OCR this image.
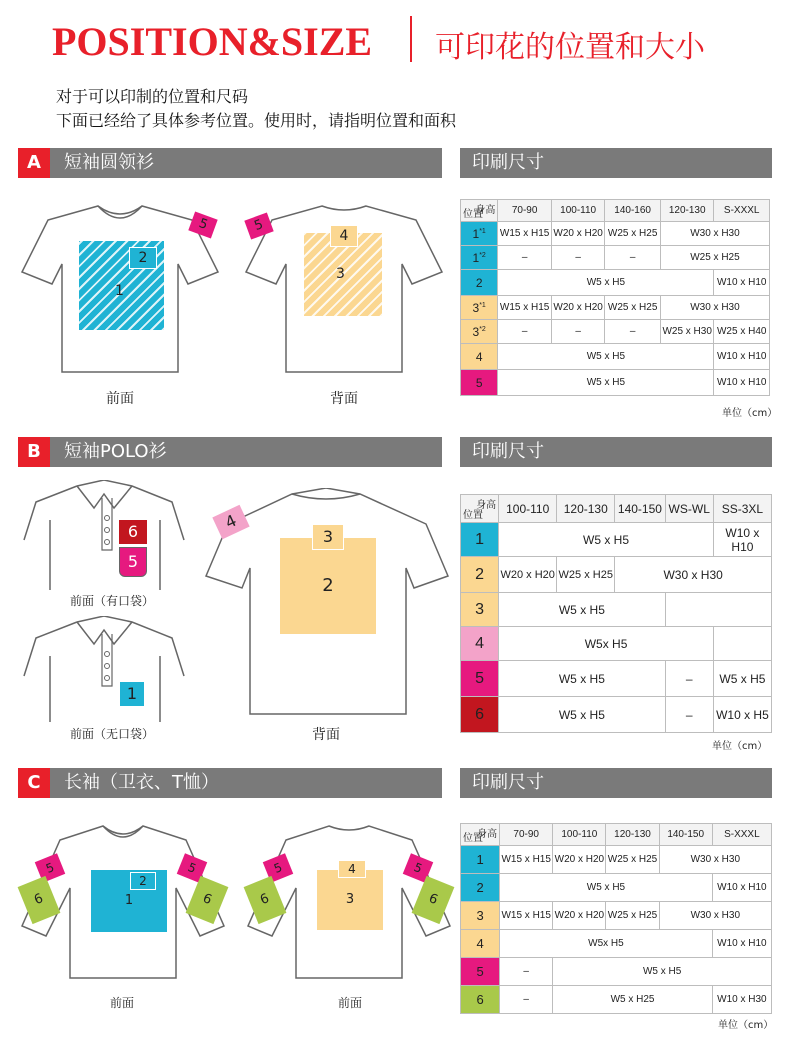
POSITION&SIZE 可印花的位置和大小
对于可以印制的位置和尺码
下面已经给了具体参考位置。使用时，请指明位置和面积
A	短袖圆领衫	印刷尺寸
1
2
5
前面
3
4
5
背面
身高
位置	70-90	100-110	140-160	120-130	S-XXXL
1$^{*1}$	W15 x H15	W20 x H20	W25 x H25	W30 x H30	
1$^{*2}$	–	–	–	W25 x H25	
2	W5 x H5				W10 x H10
3$^{*1}$	W15 x H15	W20 x H20	W25 x H25	W30 x H30	
3$^{*2}$	–	–	–	W25 x H30	W25 x H40
4	W5 x H5				W10 x H10
5	W5 x H5				W10 x H10
单位（cm）
B	短袖POLO衫	印刷尺寸
6
5
前面（有口袋）
1
前面（无口袋）
2
3
4
背面
身高
位置	100-110	120-130	140-150	WS-WL	SS-3XL
1	W5 x H5				W10 x H10
2	W20 x H20	W25 x H25	W30 x H30		
3	W5 x H5				
4	W5x H5				
5	W5 x H5			–	W5 x H5
6	W5 x H5			–	W10 x H5
单位（cm）
C	长袖（卫衣、T恤）	印刷尺寸
1
2
5
6
5
6
前面
3
4
5
6
5
6
前面
身高
位置	70-90	100-110	120-130	140-150	S-XXXL
1	W15 x H15	W20 x H20	W25 x H25	W30 x H30	
2	W5 x H5				W10 x H10
3	W15 x H15	W20 x H20	W25 x H25	W30 x H30	
4	W5x H5				W10 x H10
5	–	W5 x H5			
6	–	W5 x H25			W10 x H30
单位（cm）
